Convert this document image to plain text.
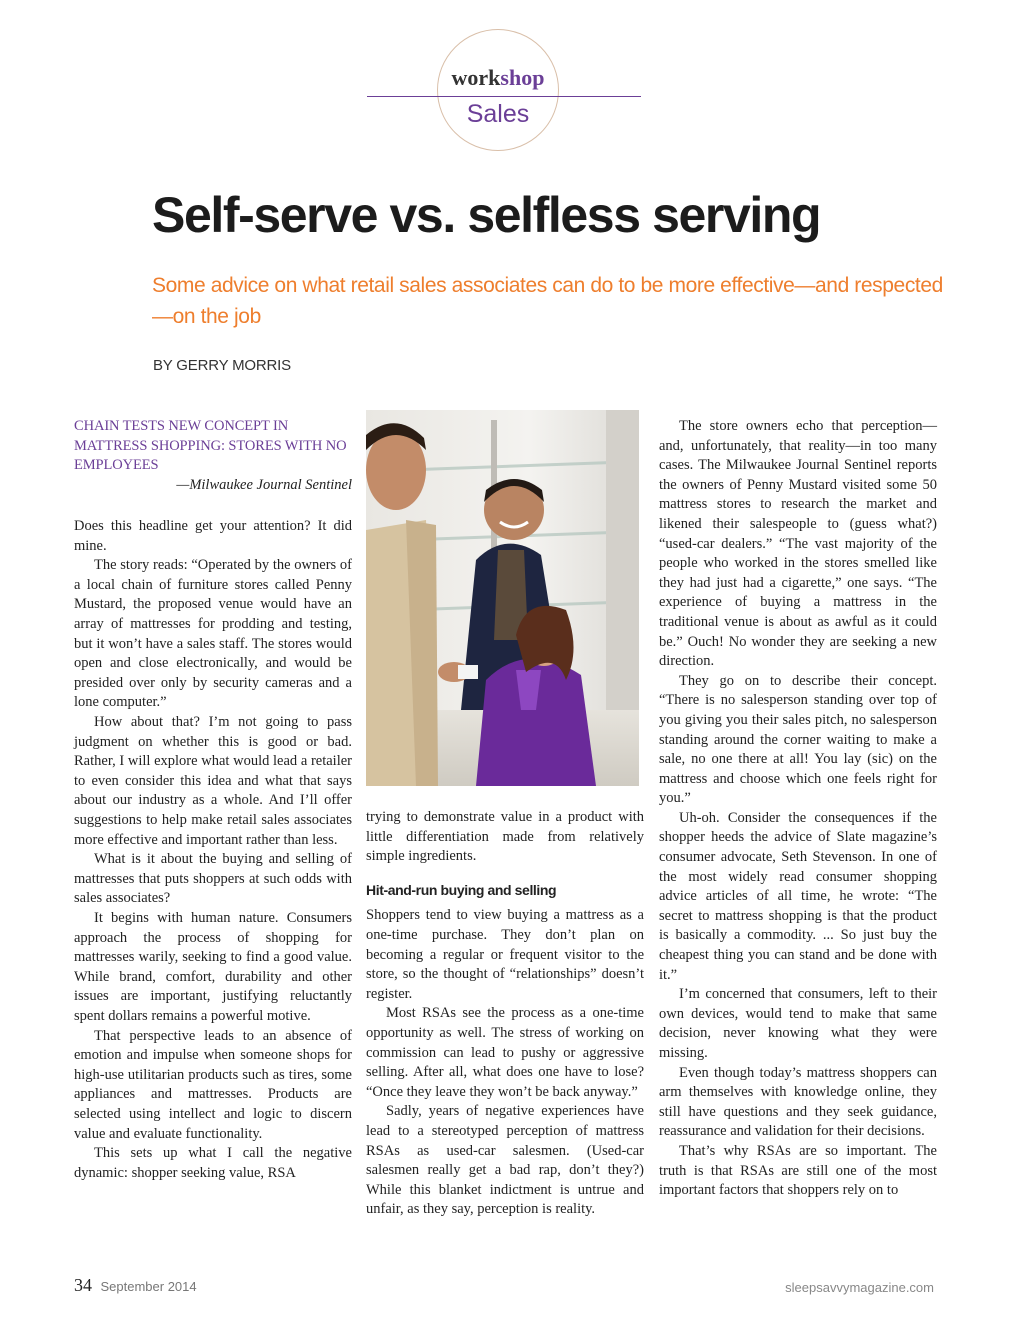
workshop
Sales
Self-serve vs. selfless serving

Some advice on what retail sales associates can do to be more effective—and respected—on the job

BY GERRY MORRIS
CHAIN TESTS NEW CONCEPT IN MATTRESS SHOPPING: STORES WITH NO EMPLOYEES
—Milwaukee Journal Sentinel

Does this headline get your attention? It did mine.

The story reads: “Operated by the owners of a local chain of furniture stores called Penny Mustard, the proposed venue would have an array of mattresses for prodding and testing, but it won’t have a sales staff. The stores would open and close electronically, and would be presided over only by security cameras and a lone computer.”

How about that? I’m not going to pass judgment on whether this is good or bad. Rather, I will explore what would lead a retailer to even consider this idea and what that says about our industry as a whole. And I’ll offer suggestions to help make retail sales associates more effective and important rather than less.

What is it about the buying and selling of mattresses that puts shoppers at such odds with sales associates?

It begins with human nature. Consumers approach the process of shopping for mattresses warily, seeking to find a good value. While brand, comfort, durability and other issues are important, justifying reluctantly spent dollars remains a powerful motive.

That perspective leads to an absence of emotion and impulse when someone shops for high-use utilitarian products such as tires, some appliances and mattresses. Products are selected using intellect and logic to discern value and evaluate functionality.

This sets up what I call the negative dynamic: shopper seeking value, RSA

trying to demonstrate value in a product with little differentiation made from relatively simple ingredients.

Hit-and-run buying and selling

Shoppers tend to view buying a mattress as a one-time purchase. They don’t plan on becoming a regular or frequent visitor to the store, so the thought of “relationships” doesn’t register.

Most RSAs see the process as a one-time opportunity as well. The stress of working on commission can lead to pushy or aggressive selling. After all, what does one have to lose? “Once they leave they won’t be back anyway.”

Sadly, years of negative experiences have lead to a stereotyped perception of mattress RSAs as used-car salesmen. (Used-car salesmen really get a bad rap, don’t they?) While this blanket indictment is untrue and unfair, as they say, perception is reality.

The store owners echo that perception—and, unfortunately, that reality—in too many cases. The Milwaukee Journal Sentinel reports the owners of Penny Mustard visited some 50 mattress stores to research the market and likened their salespeople to (guess what?) “used-car dealers.” “The vast majority of the people who worked in the stores smelled like they had just had a cigarette,” one says. “The experience of buying a mattress in the traditional venue is about as awful as it could be.” Ouch! No wonder they are seeking a new direction.

They go on to describe their concept. “There is no salesperson standing over top of you giving you their sales pitch, no salesperson standing around the corner waiting to make a sale, no one there at all! You lay (sic) on the mattress and choose which one feels right for you.”

Uh-oh. Consider the consequences if the shopper heeds the advice of Slate magazine’s consumer advocate, Seth Stevenson. In one of the most widely read consumer shopping advice articles of all time, he wrote: “The secret to mattress shopping is that the product is basically a commodity. ... So just buy the cheapest thing you can stand and be done with it.”

I’m concerned that consumers, left to their own devices, would tend to make that same decision, never knowing what they were missing.

Even though today’s mattress shoppers can arm themselves with knowledge online, they still have questions and they seek guidance, reassurance and validation for their decisions.

That’s why RSAs are so important. The truth is that RSAs are still one of the most important factors that shoppers rely on to

34 September 2014	sleepsavvymagazine.com
